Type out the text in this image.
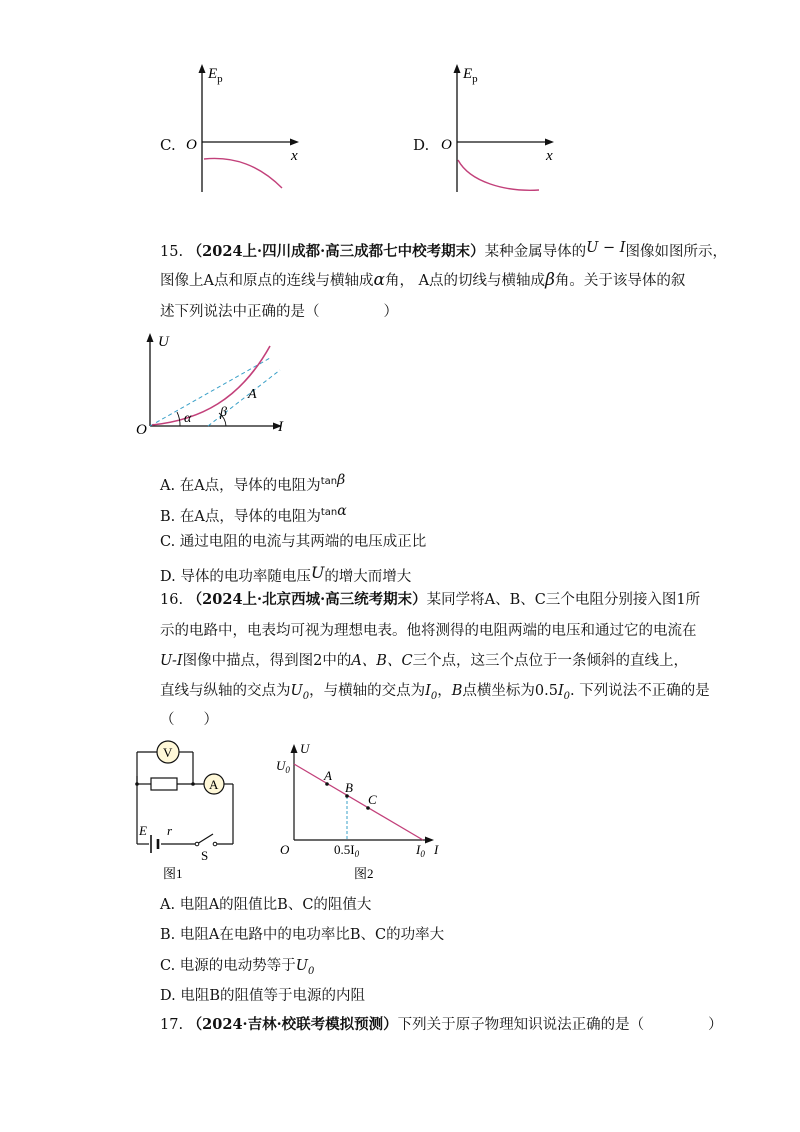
C. O
$E_p$
x
D. O
$E_p$
x
15. （2024上·四川成都·高三成都七中校考期末）某种金属导体的U − I图像如图所示，
图像上A点和原点的连线与横轴成α角， A点的切线与横轴成β角。关于该导体的叙
述下列说法中正确的是（	）
U
I
O
A
α β
A. 在A点，导体的电阻为$^{tan}$β
B. 在A点，导体的电阻为$^{tan}$α
C. 通过电阻的电流与其两端的电压成正比
D. 导体的电功率随电压U的增大而增大
16. （2024上·北京西城·高三统考期末）某同学将A、B、C三个电阻分别接入图1所
示的电路中，电表均可视为理想电表。他将测得的电阻两端的电压和通过它的电流在
U-I图像中描点，得到图2中的A、B、C三个点，这三个点位于一条倾斜的直线上，
直线与纵轴的交点为$U_0$，与横轴的交点为$I_0$，B点横坐标为$0.5I_0$. 下列说法不正确的是
（　　）
V
A
E r
S
图1
U
I
O
$U_0$
$I_0$
$0.5I_0$
A
B
C
图2
A. 电阻A的阻值比B、C的阻值大
B. 电阻A在电路中的电功率比B、C的功率大
C. 电源的电动势等于$U_0$
D. 电阻B的阻值等于电源的内阻
17. （2024·吉林·校联考模拟预测）下列关于原子物理知识说法正确的是（	）
